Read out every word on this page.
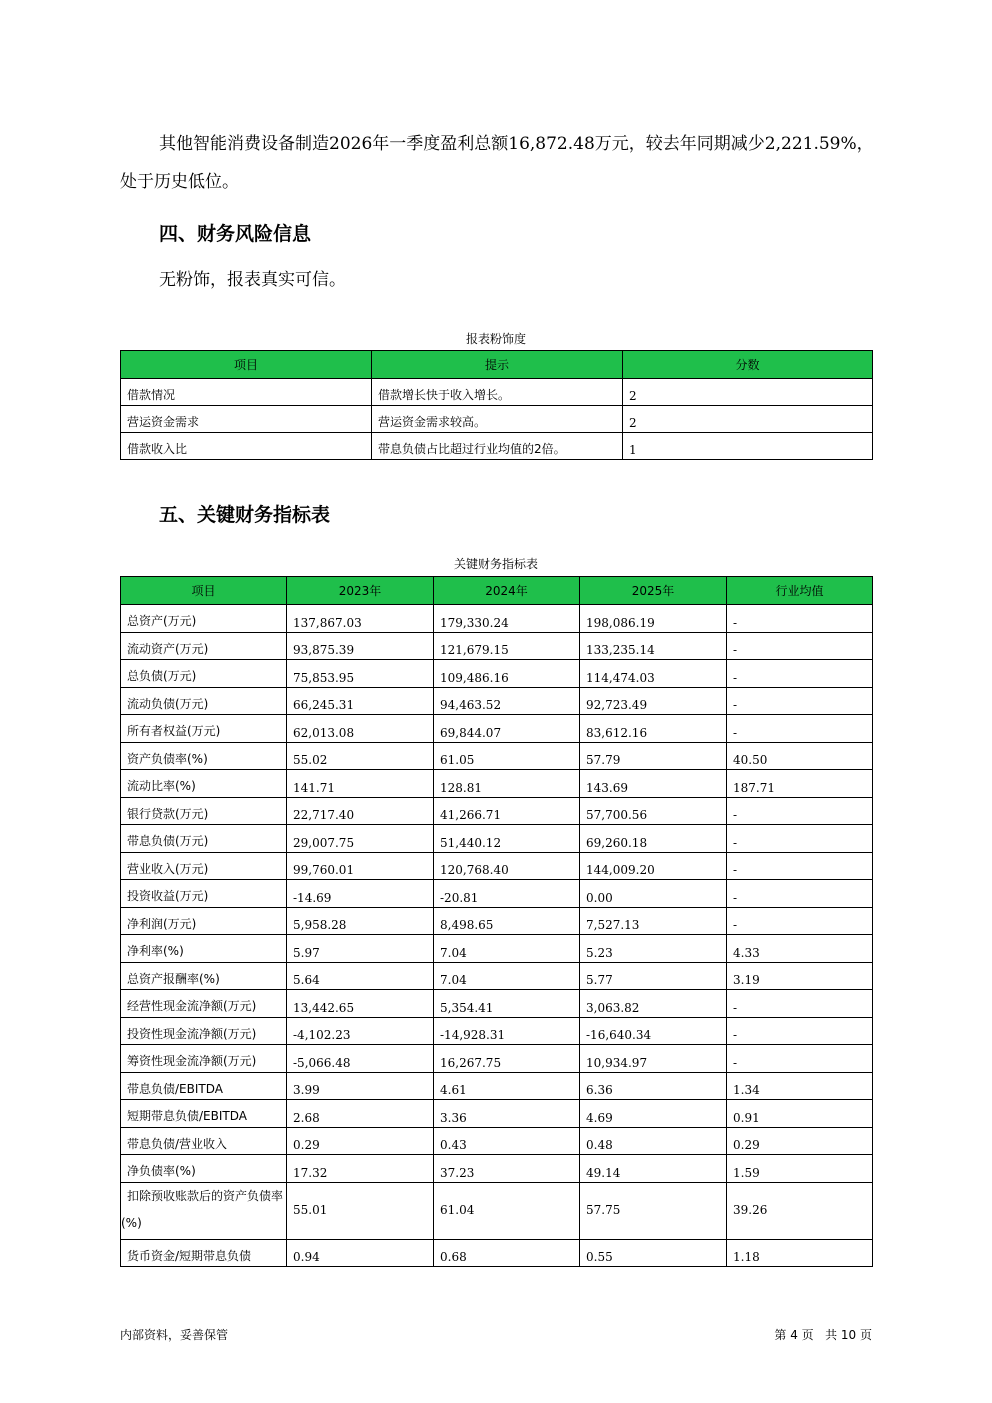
其他智能消费设备制造2026年一季度盈利总额16,872.48万元，较去年同期减少2,221.59%，
处于历史低位。
四、财务风险信息
无粉饰，报表真实可信。
报表粉饰度
项目	提示	分数
借款情况	借款增长快于收入增长。	2
营运资金需求	营运资金需求较高。	2
借款收入比	带息负债占比超过行业均值的2倍。	1
五、关键财务指标表
关键财务指标表
项目	2023年	2024年	2025年	行业均值
总资产(万元)	137,867.03	179,330.24	198,086.19	-
流动资产(万元)	93,875.39	121,679.15	133,235.14	-
总负债(万元)	75,853.95	109,486.16	114,474.03	-
流动负债(万元)	66,245.31	94,463.52	92,723.49	-
所有者权益(万元)	62,013.08	69,844.07	83,612.16	-
资产负债率(%)	55.02	61.05	57.79	40.50
流动比率(%)	141.71	128.81	143.69	187.71
银行贷款(万元)	22,717.40	41,266.71	57,700.56	-
带息负债(万元)	29,007.75	51,440.12	69,260.18	-
营业收入(万元)	99,760.01	120,768.40	144,009.20	-
投资收益(万元)	-14.69	-20.81	0.00	-
净利润(万元)	5,958.28	8,498.65	7,527.13	-
净利率(%)	5.97	7.04	5.23	4.33
总资产报酬率(%)	5.64	7.04	5.77	3.19
经营性现金流净额(万元)	13,442.65	5,354.41	3,063.82	-
投资性现金流净额(万元)	-4,102.23	-14,928.31	-16,640.34	-
筹资性现金流净额(万元)	-5,066.48	16,267.75	10,934.97	-
带息负债/EBITDA	3.99	4.61	6.36	1.34
短期带息负债/EBITDA	2.68	3.36	4.69	0.91
带息负债/营业收入	0.29	0.43	0.48	0.29
净负债率(%)	17.32	37.23	49.14	1.59
扣除预收账款后的资产负债率(%)	55.01	61.04	57.75	39.26
货币资金/短期带息负债	0.94	0.68	0.55	1.18
内部资料，妥善保管	第 4 页   共 10 页
